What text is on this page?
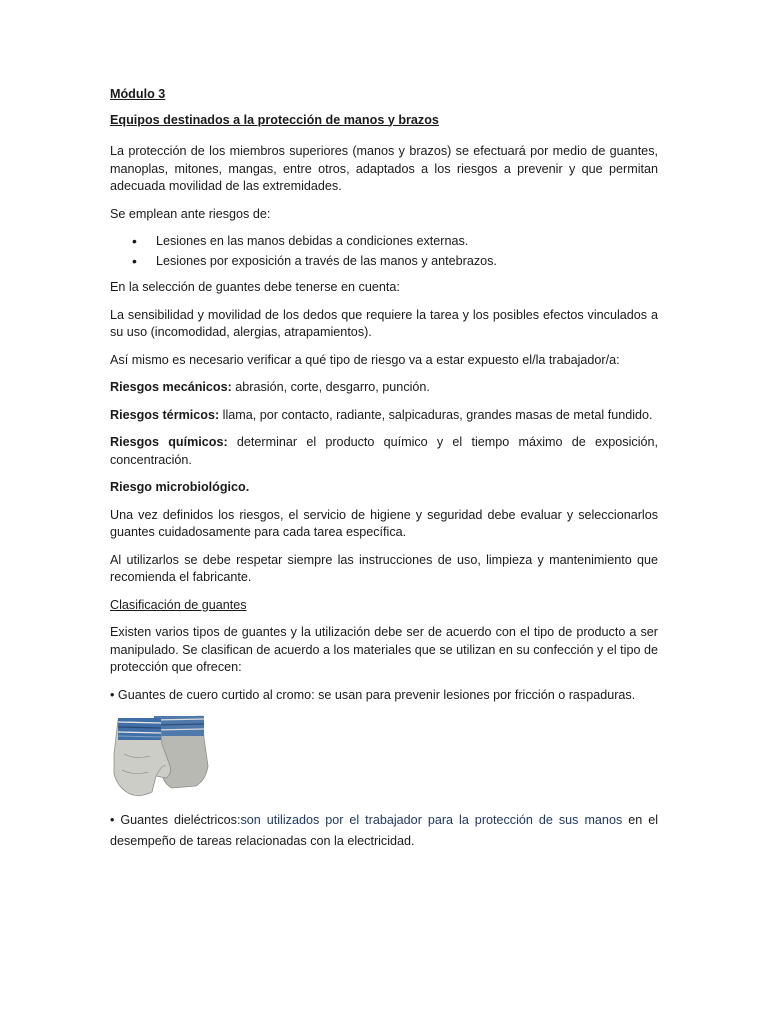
Módulo 3
Equipos destinados a la protección de manos y brazos

La protección de los miembros superiores (manos y brazos) se efectuará por medio de guantes, manoplas, mitones, mangas, entre otros, adaptados a los riesgos a prevenir y que permitan adecuada movilidad de las extremidades.

Se emplean ante riesgos de:

• Lesiones en las manos debidas a condiciones externas.
• Lesiones por exposición a través de las manos y antebrazos.

En la selección de guantes debe tenerse en cuenta:

La sensibilidad y movilidad de los dedos que requiere la tarea y los posibles efectos vinculados a su uso (incomodidad, alergias, atrapamientos).

Así mismo es necesario verificar a qué tipo de riesgo va a estar expuesto el/la trabajador/a:

Riesgos mecánicos: abrasión, corte, desgarro, punción.

Riesgos térmicos: llama, por contacto, radiante, salpicaduras, grandes masas de metal fundido.

Riesgos químicos: determinar el producto químico y el tiempo máximo de exposición, concentración.

Riesgo microbiológico.

Una vez definidos los riesgos, el servicio de higiene y seguridad debe evaluar y seleccionarlos guantes cuidadosamente para cada tarea específica.

Al utilizarlos se debe respetar siempre las instrucciones de uso, limpieza y mantenimiento que recomienda el fabricante.

Clasificación de guantes

Existen varios tipos de guantes y la utilización debe ser de acuerdo con el tipo de producto a ser manipulado. Se clasifican de acuerdo a los materiales que se utilizan en su confección y el tipo de protección que ofrecen:

• Guantes de cuero curtido al cromo: se usan para prevenir lesiones por fricción o raspaduras.

• Guantes dieléctricos:son utilizados por el trabajador para la protección de sus manos en el desempeño de tareas relacionadas con la electricidad.
